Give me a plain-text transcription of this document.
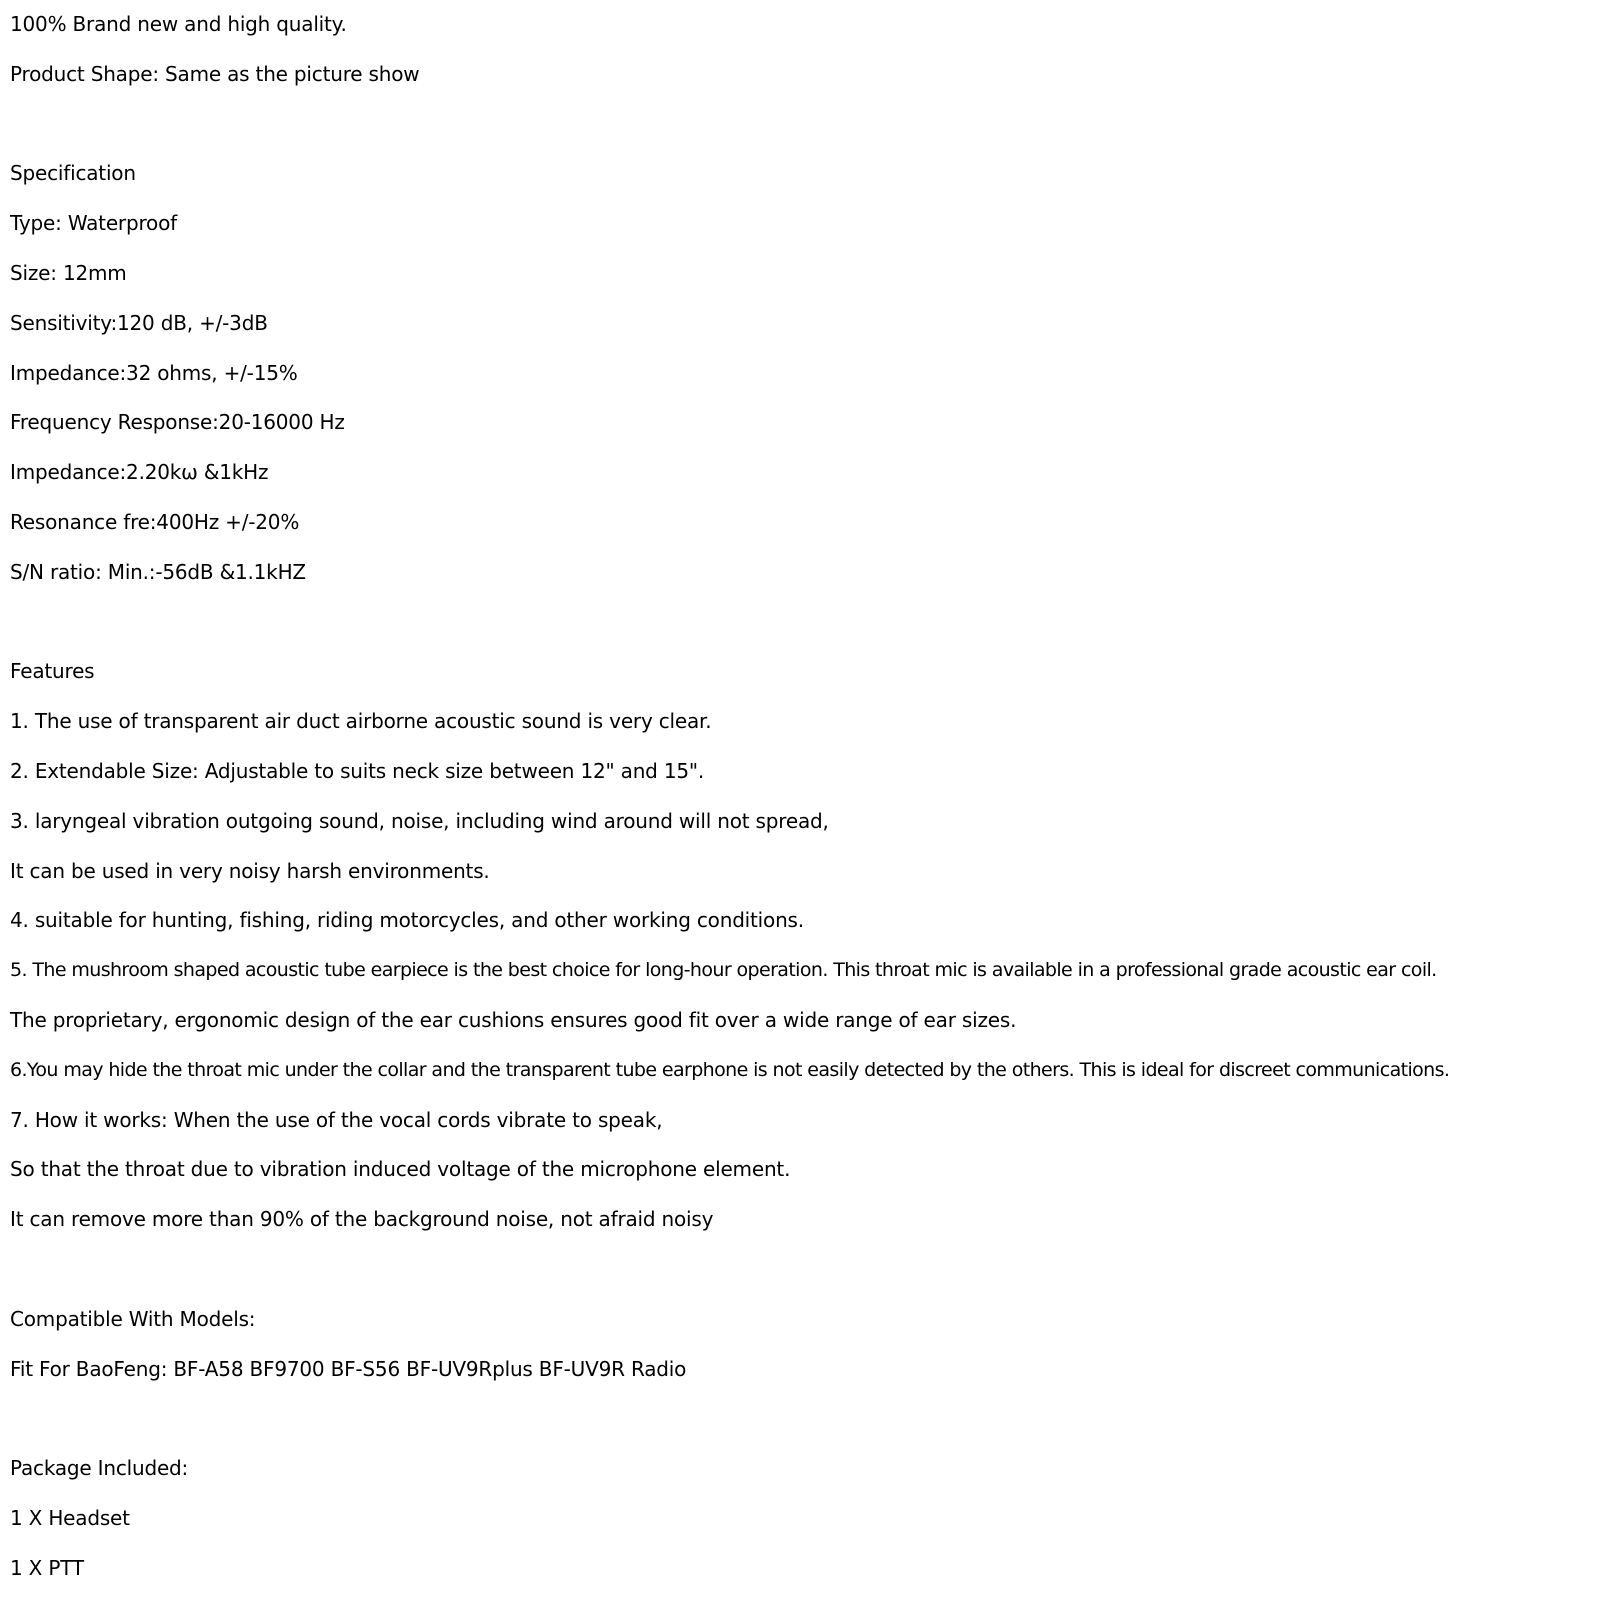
100% Brand new and high quality.
Product Shape: Same as the picture show
Specification
Type: Waterproof
Size: 12mm
Sensitivity:120 dB, +/-3dB
Impedance:32 ohms, +/-15%
Frequency Response:20-16000 Hz
Impedance:2.20kω &1kHz
Resonance fre:400Hz +/-20%
S/N ratio: Min.:-56dB &1.1kHZ
Features
1. The use of transparent air duct airborne acoustic sound is very clear.
2. Extendable Size: Adjustable to suits neck size between 12" and 15".
3. laryngeal vibration outgoing sound, noise, including wind around will not spread,
It can be used in very noisy harsh environments.
4. suitable for hunting, fishing, riding motorcycles, and other working conditions.
5. The mushroom shaped acoustic tube earpiece is the best choice for long-hour operation. This throat mic is available in a professional grade acoustic ear coil.
The proprietary, ergonomic design of the ear cushions ensures good fit over a wide range of ear sizes.
6.You may hide the throat mic under the collar and the transparent tube earphone is not easily detected by the others. This is ideal for discreet communications.
7. How it works: When the use of the vocal cords vibrate to speak,
So that the throat due to vibration induced voltage of the microphone element.
It can remove more than 90% of the background noise, not afraid noisy
Compatible With Models:
Fit For BaoFeng: BF-A58 BF9700 BF-S56 BF-UV9Rplus BF-UV9R Radio
Package Included:
1 X Headset
1 X PTT
